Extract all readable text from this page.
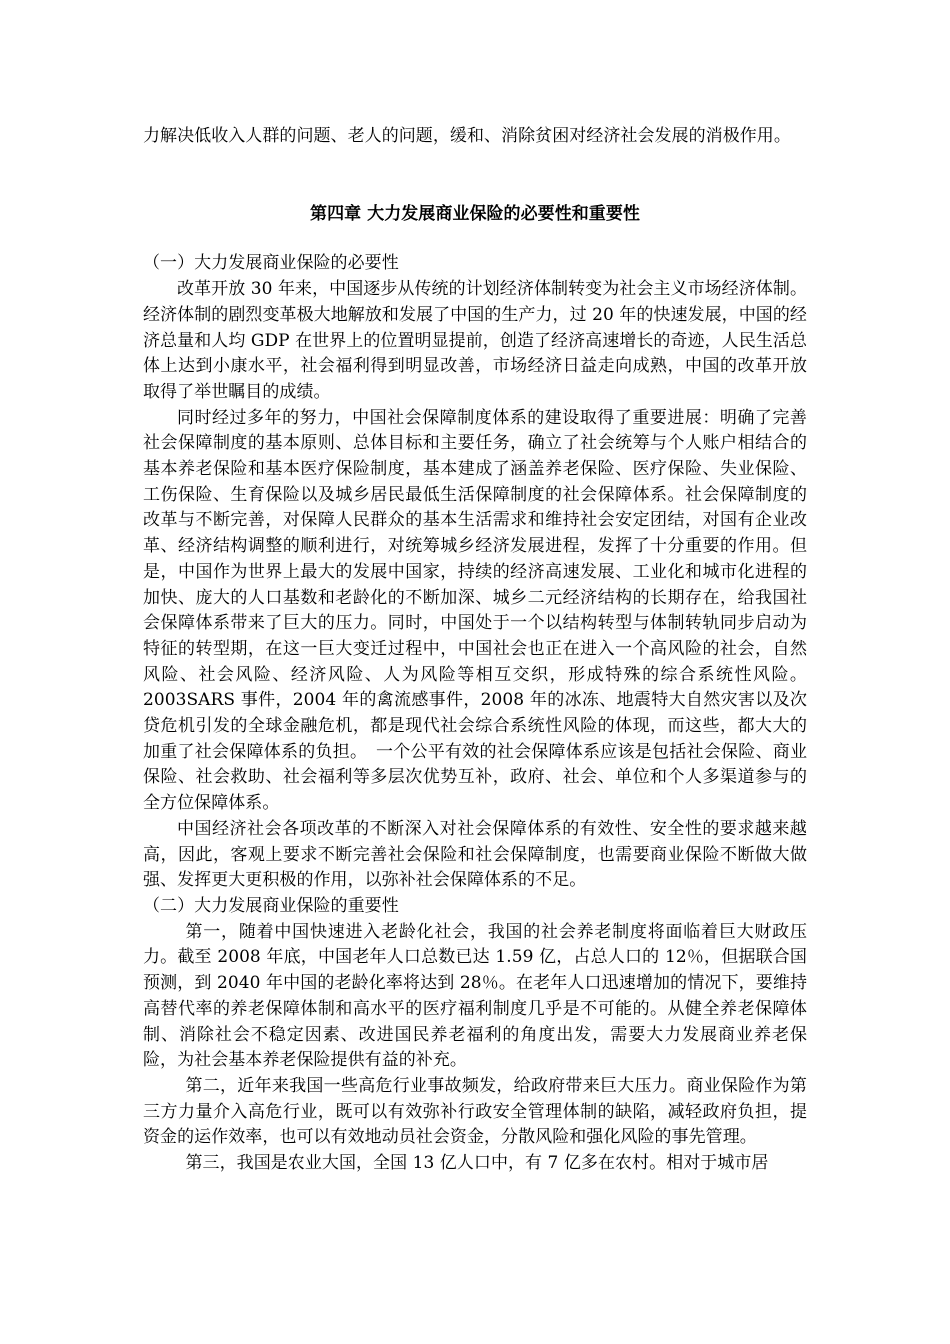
力解决低收入人群的问题、老人的问题，缓和、消除贫困对经济社会发展的消极作用。

第四章 大力发展商业保险的必要性和重要性

（一）大力发展商业保险的必要性

改革开放 30 年来，中国逐步从传统的计划经济体制转变为社会主义市场经济体制。经济体制的剧烈变革极大地解放和发展了中国的生产力，过 20 年的快速发展，中国的经济总量和人均 GDP 在世界上的位置明显提前，创造了经济高速增长的奇迹，人民生活总体上达到小康水平，社会福利得到明显改善，市场经济日益走向成熟，中国的改革开放取得了举世瞩目的成绩。

同时经过多年的努力，中国社会保障制度体系的建设取得了重要进展：明确了完善社会保障制度的基本原则、总体目标和主要任务，确立了社会统筹与个人账户相结合的基本养老保险和基本医疗保险制度，基本建成了涵盖养老保险、医疗保险、失业保险、工伤保险、生育保险以及城乡居民最低生活保障制度的社会保障体系。社会保障制度的改革与不断完善，对保障人民群众的基本生活需求和维持社会安定团结，对国有企业改革、经济结构调整的顺利进行，对统筹城乡经济发展进程，发挥了十分重要的作用。但是，中国作为世界上最大的发展中国家，持续的经济高速发展、工业化和城市化进程的加快、庞大的人口基数和老龄化的不断加深、城乡二元经济结构的长期存在，给我国社会保障体系带来了巨大的压力。同时，中国处于一个以结构转型与体制转轨同步启动为特征的转型期，在这一巨大变迁过程中，中国社会也正在进入一个高风险的社会，自然风险、社会风险、经济风险、人为风险等相互交织，形成特殊的综合系统性风险。2003SARS 事件，2004 年的禽流感事件，2008 年的冰冻、地震特大自然灾害以及次贷危机引发的全球金融危机，都是现代社会综合系统性风险的体现，而这些，都大大的加重了社会保障体系的负担。　一个公平有效的社会保障体系应该是包括社会保险、商业保险、社会救助、社会福利等多层次优势互补，政府、社会、单位和个人多渠道参与的全方位保障体系。

中国经济社会各项改革的不断深入对社会保障体系的有效性、安全性的要求越来越高，因此，客观上要求不断完善社会保险和社会保障制度，也需要商业保险不断做大做强、发挥更大更积极的作用，以弥补社会保障体系的不足。

（二）大力发展商业保险的重要性

第一，随着中国快速进入老龄化社会，我国的社会养老制度将面临着巨大财政压力。截至 2008 年底，中国老年人口总数已达 1.59 亿，占总人口的 12％，但据联合国预测，到 2040 年中国的老龄化率将达到 28％。在老年人口迅速增加的情况下，要维持高替代率的养老保障体制和高水平的医疗福利制度几乎是不可能的。从健全养老保障体制、消除社会不稳定因素、改进国民养老福利的角度出发，需要大力发展商业养老保险，为社会基本养老保险提供有益的补充。

第二，近年来我国一些高危行业事故频发，给政府带来巨大压力。商业保险作为第三方力量介入高危行业，既可以有效弥补行政安全管理体制的缺陷，减轻政府负担，提资金的运作效率，也可以有效地动员社会资金，分散风险和强化风险的事先管理。

第三，我国是农业大国，全国 13 亿人口中，有 7 亿多在农村。相对于城市居
